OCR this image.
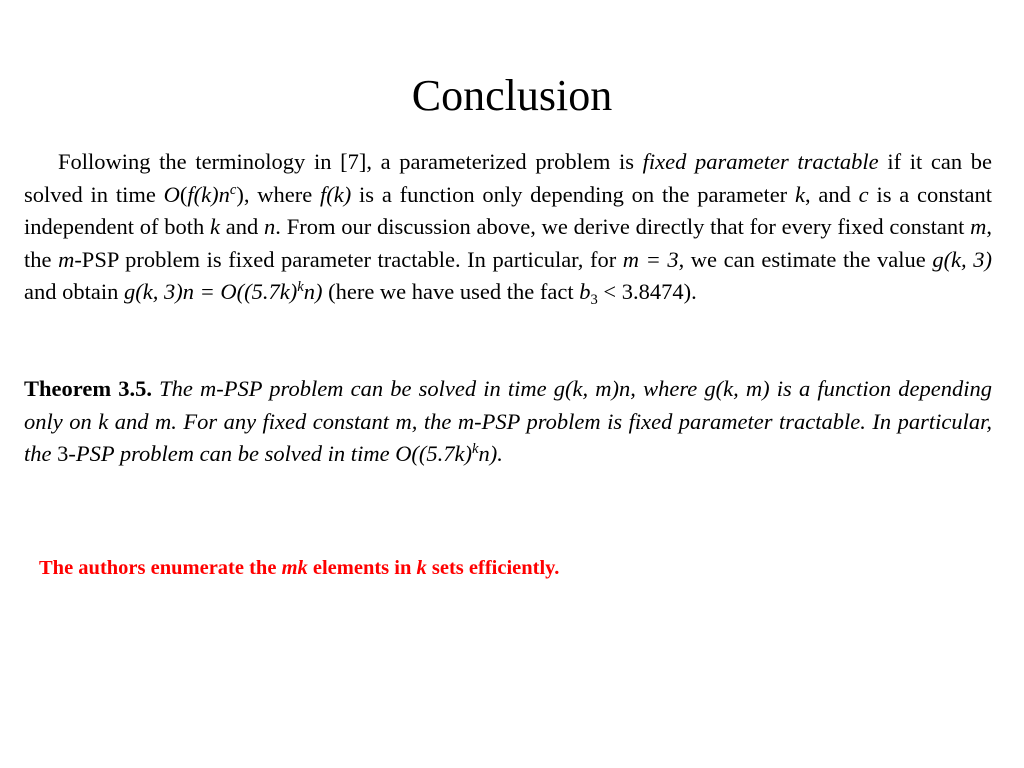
Conclusion

Following the terminology in [7], a parameterized problem is fixed parameter tractable if it can be solved in time $O(f(k)n^c)$, where f(k) is a function only depending on the parameter k, and c is a constant independent of both k and n. From our discussion above, we derive directly that for every fixed constant m, the m-PSP problem is fixed parameter tractable. In particular, for m = 3, we can estimate the value g(k, 3) and obtain g(k, $3)n = O((5.7k)^kn)$ (here we have used the fact $b_3 < 3.8474$).

Theorem 3.5. The m-PSP problem can be solved in time g(k, m)n, where g(k, m) is a function depending only on k and m. For any fixed constant m, the m-PSP problem is fixed parameter tractable. In particular, the 3-PSP problem can be solved in time $O((5.7k)^kn)$.

The authors enumerate the mk elements in k sets efficiently.
